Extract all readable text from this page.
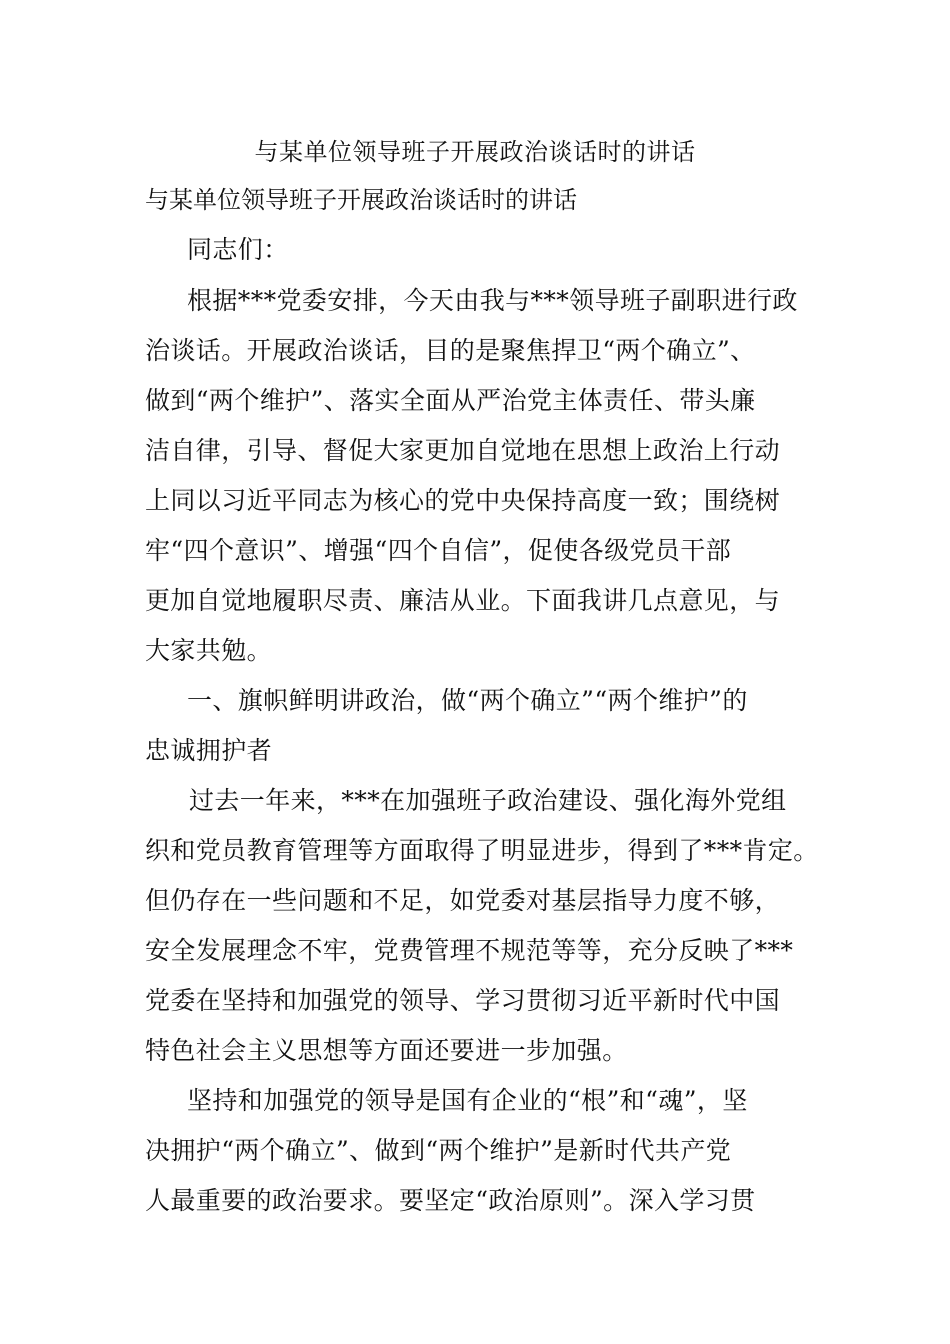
与某单位领导班子开展政治谈话时的讲话
与某单位领导班子开展政治谈话时的讲话
同志们：
根据***党委安排，今天由我与***领导班子副职进行政
治谈话。开展政治谈话，目的是聚焦捍卫“两个确立”、
做到“两个维护”、落实全面从严治党主体责任、带头廉
洁自律，引导、督促大家更加自觉地在思想上政治上行动
上同以习近平同志为核心的党中央保持高度一致；围绕树
牢“四个意识”、增强“四个自信”，促使各级党员干部
更加自觉地履职尽责、廉洁从业。下面我讲几点意见，与
大家共勉。
一、旗帜鲜明讲政治，做“两个确立”“两个维护”的
忠诚拥护者
过去一年来，***在加强班子政治建设、强化海外党组
织和党员教育管理等方面取得了明显进步，得到了***肯定。
但仍存在一些问题和不足，如党委对基层指导力度不够，
安全发展理念不牢，党费管理不规范等等，充分反映了***
党委在坚持和加强党的领导、学习贯彻习近平新时代中国
特色社会主义思想等方面还要进一步加强。
坚持和加强党的领导是国有企业的“根”和“魂”，坚
决拥护“两个确立”、做到“两个维护”是新时代共产党
人最重要的政治要求。要坚定“政治原则”。深入学习贯
